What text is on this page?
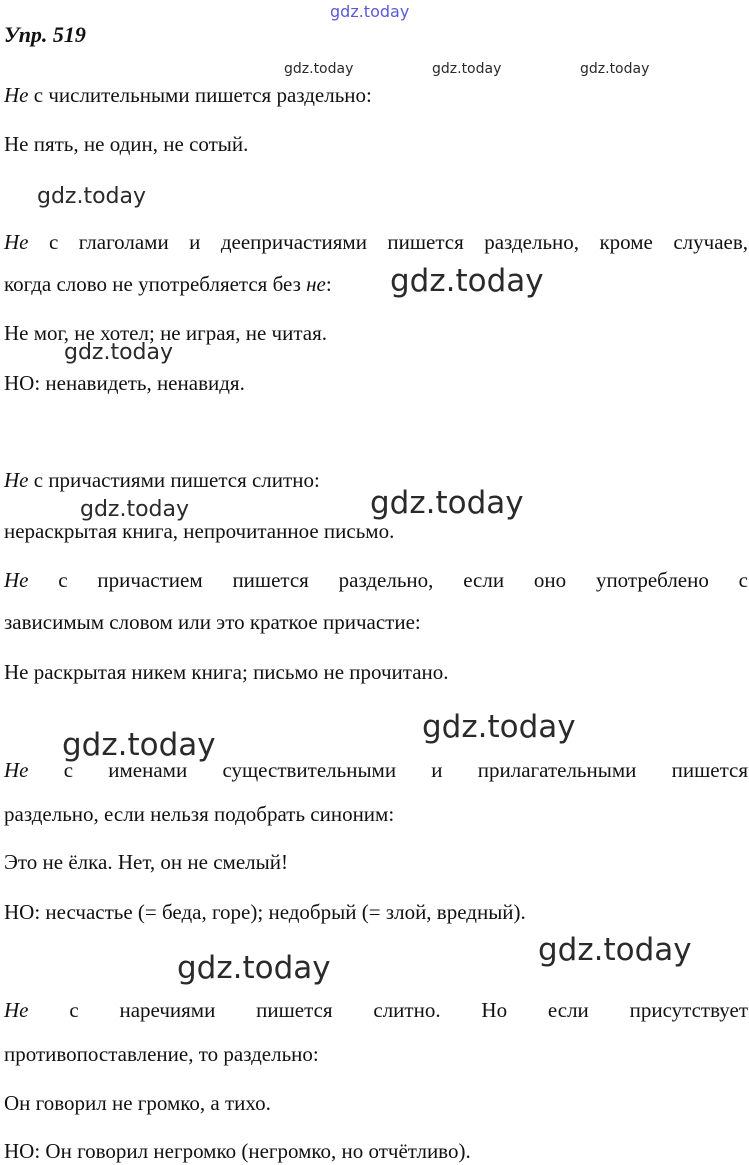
gdz.today
gdz.today	gdz.today	gdz.today
gdz.today
gdz.today
gdz.today
gdz.today	gdz.today
gdz.today
gdz.today
gdz.today
gdz.today
Упр. 519
Не с числительными пишется раздельно:
Не пять, не один, не сотый.
Не с глаголами и деепричастиями пишется раздельно, кроме случаев,
когда слово не употребляется без не:
Не мог, не хотел; не играя, не читая.
НО: ненавидеть, ненавидя.
Не с причастиями пишется слитно:
нераскрытая книга, непрочитанное письмо.
Не с причастием пишется раздельно, если оно употреблено с
зависимым словом или это краткое причастие:
Не раскрытая никем книга; письмо не прочитано.
Не с именами существительными и прилагательными пишется
раздельно, если нельзя подобрать синоним:
Это не ёлка. Нет, он не смелый!
НО: несчастье (= беда, горе); недобрый (= злой, вредный).
Не с наречиями пишется слитно. Но если присутствует
противопоставление, то раздельно:
Он говорил не громко, а тихо.
НО: Он говорил негромко (негромко, но отчётливо).
